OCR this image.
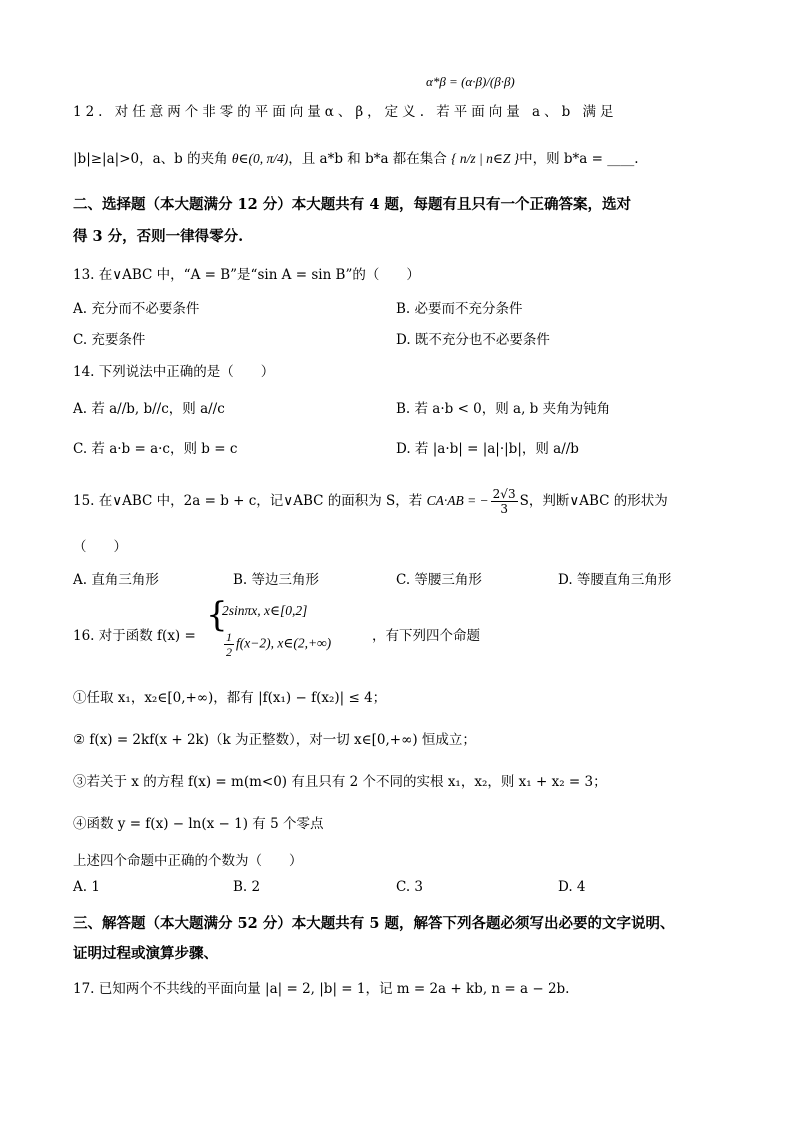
α*β = (α·β)/(β·β)
12. 对任意两个非零的平面向量α、β，定义. 若平面向量 a、b 满足
|b|≥|a|>0，a、b 的夹角 θ∈(0, π/4)，且 a*b 和 b*a 都在集合 { n/z | n∈Z }中，则 b*a = ____.
二、选择题（本大题满分 12 分）本大题共有 4 题，每题有且只有一个正确答案，选对
得 3 分，否则一律得零分.
13. 在∨ABC 中，“A = B”是“sin A = sin B”的（　　）
A. 充分而不必要条件	B. 必要而不充分条件
C. 充要条件	D. 既不充分也不必要条件
14. 下列说法中正确的是（　　）
A. 若 a//b, b//c，则 a//c	B. 若 a·b < 0，则 a, b 夹角为钝角
C. 若 a·b = a·c，则 b = c	D. 若 |a·b| = |a|·|b|，则 a//b
15. 在∨ABC 中，2a = b + c，记∨ABC 的面积为 S，若 CA·AB = − $\frac{2√3}{3}$ S，判断∨ABC 的形状为
（　　）
A. 直角三角形	B. 等边三角形	C. 等腰三角形	D. 等腰直角三角形
16. 对于函数 f(x) =
{
2sinπx, x∈[0,2]
$\frac{1}{2} f(x-2)$, x∈(2,+∞)	，有下列四个命题
①任取 x₁，x₂∈[0,+∞)，都有 |f(x₁) − f(x₂)| ≤ 4；
② f(x) = 2kf(x + 2k)（k 为正整数），对一切 x∈[0,+∞) 恒成立；
③若关于 x 的方程 f(x) = m(m<0) 有且只有 2 个不同的实根 x₁，x₂，则 x₁ + x₂ = 3；
④函数 y = f(x) − ln(x − 1) 有 5 个零点
上述四个命题中正确的个数为（　　）
A. 1	B. 2	C. 3	D. 4
三、解答题（本大题满分 52 分）本大题共有 5 题，解答下列各题必须写出必要的文字说明、
证明过程或演算步骤、
17. 已知两个不共线的平面向量 |a| = 2, |b| = 1，记 m = 2a + kb, n = a − 2b.
